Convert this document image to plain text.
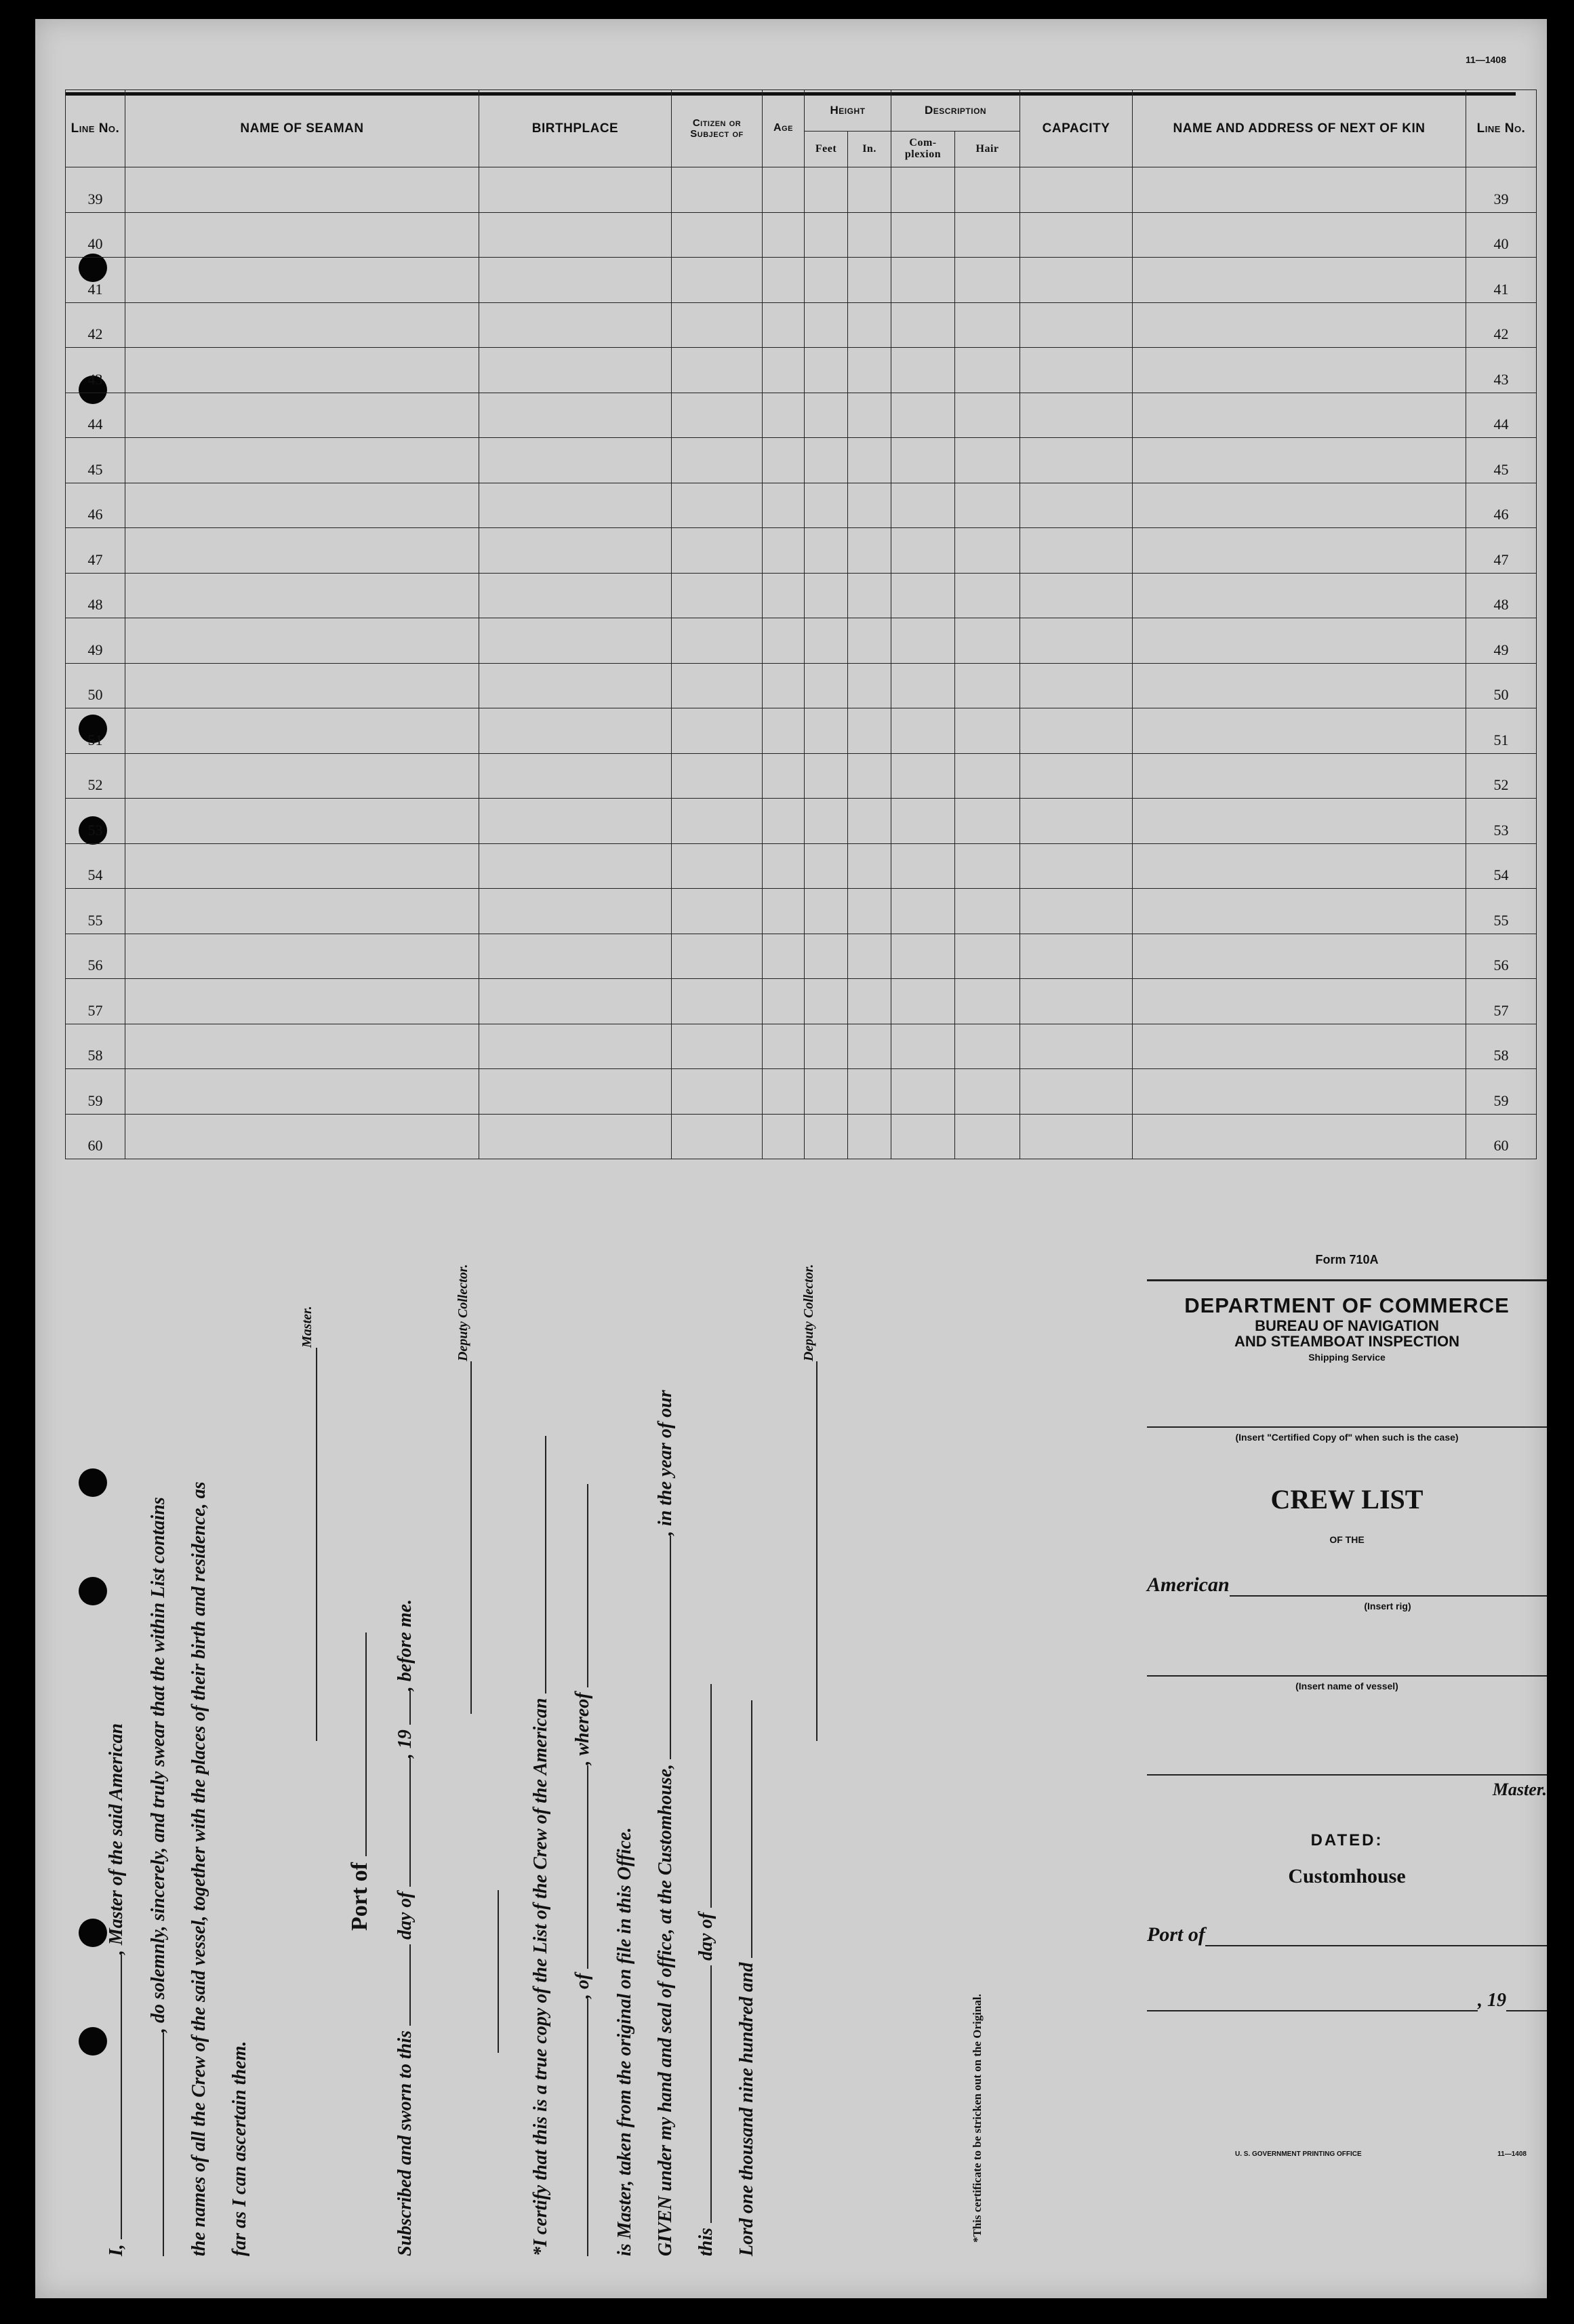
11—1408
Line No.	NAME OF SEAMAN	BIRTHPLACE	Citizen or Subject of	Age	Height		Description		CAPACITY	NAME AND ADDRESS OF NEXT OF KIN	Line No.
					Feet	In.	Com- plexion	Hair			
39											39
40											40
41											41
42											42
43											43
44											44
45											45
46											46
47											47
48											48
49											49
50											50
51											51
52											52
53											53
54											54
55											55
56											56
57											57
58											58
59											59
60											60

I, , Master of the said American , do solemnly, sincerely, and truly swear that the within List contains the names of all the Crew of the said vessel, together with the places of their birth and residence, as far as I can ascertain them.

Master.

Port of

Subscribed and sworn to this  day of , 19 , before me.

Deputy Collector.

*I certify that this is a true copy of the List of the Crew of the American , of , whereof

is Master, taken from the original on file in this Office. GIVEN under my hand and seal of office, at the Customhouse, , in the year of our

this  day of

Lord one thousand nine hundred and

Deputy Collector.

*This certificate to be stricken out on the Original.

Form 710A
DEPARTMENT OF COMMERCE
BUREAU OF NAVIGATION
AND STEAMBOAT INSPECTION
Shipping Service
(Insert "Certified Copy of" when such is the case)
CREW LIST
OF THE
American
(Insert rig)
(Insert name of vessel)
Master.
DATED:
Customhouse
Port of
, 19
U. S. GOVERNMENT PRINTING OFFICE	11—1408
